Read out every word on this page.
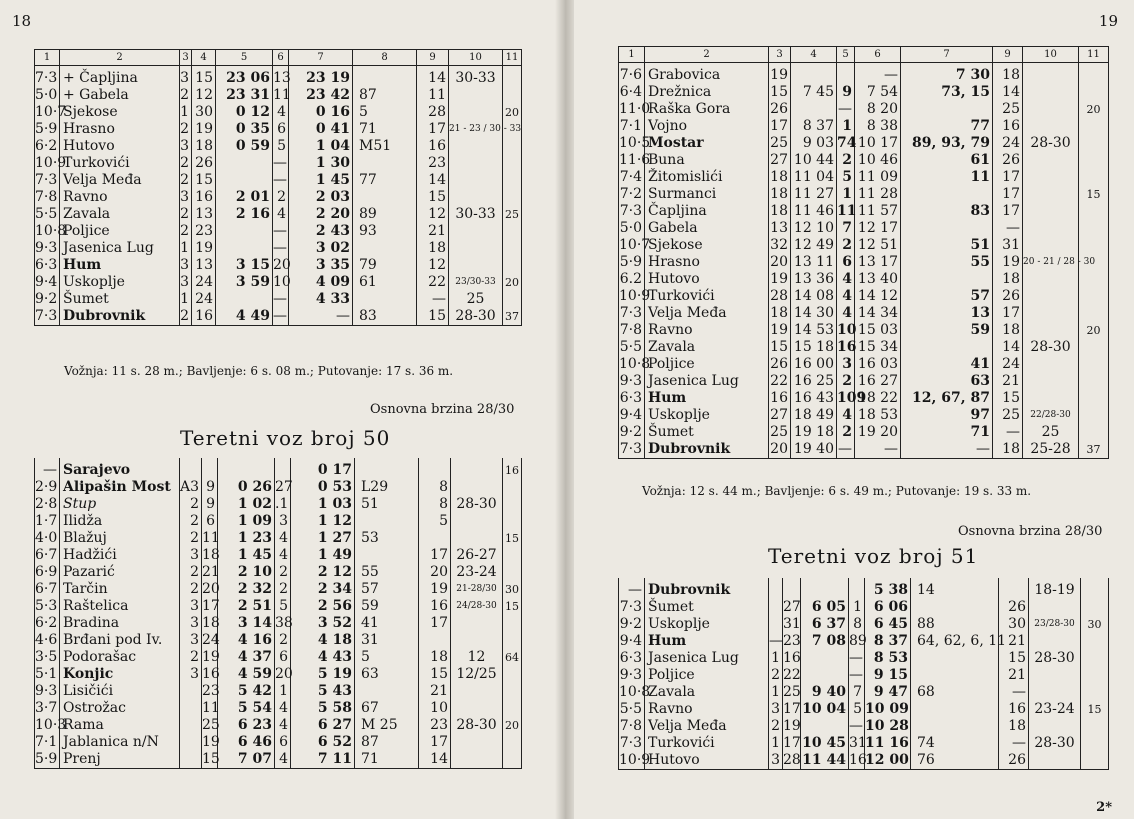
18
1	2	3	4	5	6	7	8	9	10	11
7·3	+ Čapljina	3	15	23 06	13	23 19		14	30-33	
5·0	+ Gabela	2	12	23 31	11	23 42	87	11		
10·7	Sjekose	1	30	0 12	4	0 16	5	28		20
5·9	Hrasno	2	19	0 35	6	0 41	71	17	21 - 23 / 30 - 33	
6·2	Hutovo	3	18	0 59	5	1 04	M51	16		
10·9	Turkovići	2	26		—	1 30		23		
7·3	Velja Međa	2	15		—	1 45	77	14		
7·8	Ravno	3	16	2 01	2	2 03		15		
5·5	Zavala	2	13	2 16	4	2 20	89	12	30-33	25
10·8	Poljice	2	23		—	2 43	93	21		
9·3	Jasenica Lug	1	19		—	3 02		18		
6·3	Hum	3	13	3 15	20	3 35	79	12		
9·4	Uskoplje	3	24	3 59	10	4 09	61	22	23/30-33	20
9·2	Šumet	1	24		—	4 33		—	25	
7·3	Dubrovnik	2	16	4 49	—	—	83	15	28-30	37
Vožnja: 11 s. 28 m.; Bavljenje: 6 s. 08 m.; Putovanje: 17 s. 36 m.
Osnovna brzina 28/30
Teretni voz broj 50
—	Sarajevo					0 17				16
2·9	Alipašin Most	A3	9	0 26	27	0 53	L29	8		
2·8	Stup	2	9	1 02	.1	1 03	51	8	28-30	
1·7	Ilidža	2	6	1 09	3	1 12		5		
4·0	Blažuj	2	11	1 23	4	1 27	53			15
6·7	Hadžići	3	18	1 45	4	1 49		17	26-27	
6·9	Pazarić	2	21	2 10	2	2 12	55	20	23-24	
6·7	Tarčin	2	20	2 32	2	2 34	57	19	21-28/30	30
5·3	Raštelica	3	17	2 51	5	2 56	59	16	24/28-30	15
6·2	Bradina	3	18	3 14	38	3 52	41	17		
4·6	Brđani pod Iv.	3	24	4 16	2	4 18	31			
3·5	Podorašac	2	19	4 37	6	4 43	5	18	12	64
5·1	Konjic	3	16	4 59	20	5 19	63	15	12/25	
9·3	Lisičići		23	5 42	1	5 43		21		
3·7	Ostrožac		11	5 54	4	5 58	67	10		
10·3	Rama		25	6 23	4	6 27	M 25	23	28-30	20
7·1	Jablanica n/N		19	6 46	6	6 52	87	17		
5·9	Prenj		15	7 07	4	7 11	71	14		
19
1	2	3	4	5	6	7		9	10	11
7·6	Grabovica	19			—	7 30		18		
6·4	Drežnica	15	7 45	9	7 54	73, 15		14		
11·0	Raška Gora	26		—	8 20			25		20
7·1	Vojno	17	8 37	1	8 38	77		16		
10·5	Mostar	25	9 03	74	10 17	89, 93, 79		24	28-30	
11·6	Buna	27	10 44	2	10 46	61		26		
7·4	Žitomislići	18	11 04	5	11 09	11		17		
7·2	Surmanci	18	11 27	1	11 28			17		15
7·3	Čapljina	18	11 46	11	11 57	83		17		
5·0	Gabela	13	12 10	7	12 17			—		
10·7	Sjekose	32	12 49	2	12 51	51		31		
5·9	Hrasno	20	13 11	6	13 17	55		19	20 - 21 / 28 - 30	
6.2	Hutovo	19	13 36	4	13 40			18		
10·9	Turkovići	28	14 08	4	14 12	57		26		
7·3	Velja Međa	18	14 30	4	14 34	13		17		
7·8	Ravno	19	14 53	10	15 03	59		18		20
5·5	Zavala	15	15 18	16	15 34			14	28-30	
10·8	Poljice	26	16 00	3	16 03	41		24		
9·3	Jasenica Lug	22	16 25	2	16 27	63		21		
6·3	Hum	16	16 43	109	18 22	12, 67, 87		15		
9·4	Uskoplje	27	18 49	4	18 53	97		25	22/28-30	
9·2	Šumet	25	19 18	2	19 20	71		—	25	
7·3	Dubrovnik	20	19 40	—	—	—		18	25-28	37
Vožnja: 12 s. 44 m.; Bavljenje: 6 s. 49 m.; Putovanje: 19 s. 33 m.
Osnovna brzina 28/30
Teretni voz broj 51
—	Dubrovnik					5 38	14		18-19	
7·3	Šumet		27	6 05	1	6 06		26		
9·2	Uskoplje		31	6 37	8	6 45	88	30	23/28-30	30
9·4	Hum	—	23	7 08	89	8 37	64, 62, 6, 11	21		
6·3	Jasenica Lug	1	16		—	8 53		15	28-30	
9·3	Poljice	2	22		—	9 15		21		
10·8	Zavala	1	25	9 40	7	9 47	68	—		
5·5	Ravno	3	17	10 04	5	10 09		16	23-24	15
7·8	Velja Međa	2	19		—	10 28		18		
7·3	Turkovići	1	17	10 45	31	11 16	74	—	28-30	
10·9	Hutovo	3	28	11 44	16	12 00	76	26		
2*
